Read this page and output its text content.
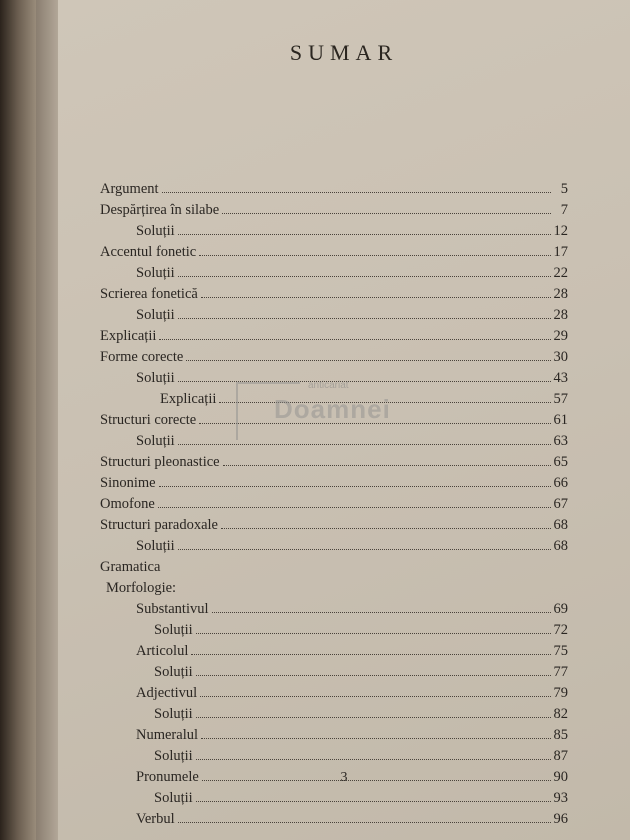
SUMAR
Argument	5
Despărțirea în silabe	7
Soluții	12
Accentul fonetic	17
Soluții	22
Scrierea fonetică	28
Soluții	28
Explicații	29
Forme corecte	30
Soluții	43
Explicații	57
Structuri corecte	61
Soluții	63
Structuri pleonastice	65
Sinonime	66
Omofone	67
Structuri paradoxale	68
Soluții	68
Gramatica
Morfologie:
Substantivul	69
Soluții	72
Articolul	75
Soluții	77
Adjectivul	79
Soluții	82
Numeralul	85
Soluții	87
Pronumele	90
Soluții	93
Verbul	96
anticariat
Doamnei
3
